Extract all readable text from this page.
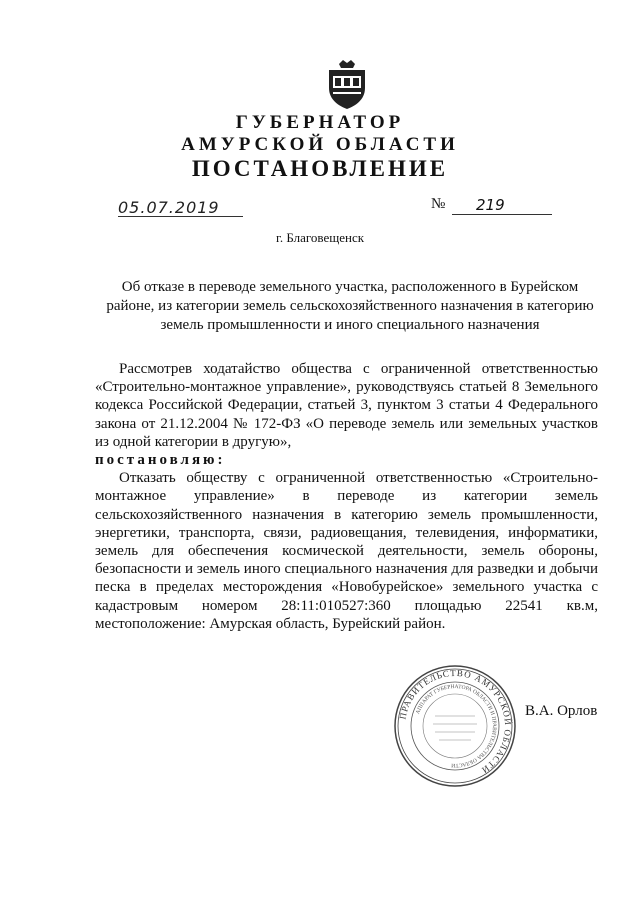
ГУБЕРНАТОР
АМУРСКОЙ ОБЛАСТИ
ПОСТАНОВЛЕНИЕ
05.07.2019	№	219
г. Благовещенск
Об отказе в переводе земельного участка, расположенного в Бурейском районе, из категории земель сельскохозяйственного назначения в категорию земель промышленности и иного специального назначения

Рассмотрев ходатайство общества с ограниченной ответственностью «Строительно-монтажное управление», руководствуясь статьей 8 Земельного кодекса Российской Федерации, статьей 3, пунктом 3 статьи 4 Федерального закона от 21.12.2004 № 172-ФЗ «О переводе земель или земельных участков из одной категории в другую»,

постановляю:

Отказать обществу с ограниченной ответственностью «Строительно-монтажное управление» в переводе из категории земель сельскохозяйственного назначения в категорию земель промышленности, энергетики, транспорта, связи, радиовещания, телевидения, информатики, земель для обеспечения космической деятельности, земель обороны, безопасности и земель иного специального назначения для разведки и добычи песка в пределах месторождения «Новобурейское» земельного участка с кадастровым номером 28:11:010527:360 площадью 22541 кв.м, местоположение: Амурская область, Бурейский район.

ПРАВИТЕЛЬСТВО АМУРСКОЙ ОБЛАСТИ
АППАРАТ ГУБЕРНАТОРА ОБЛАСТИ И ПРАВИТЕЛЬСТВА ОБЛАСТИ
В.А. Орлов
